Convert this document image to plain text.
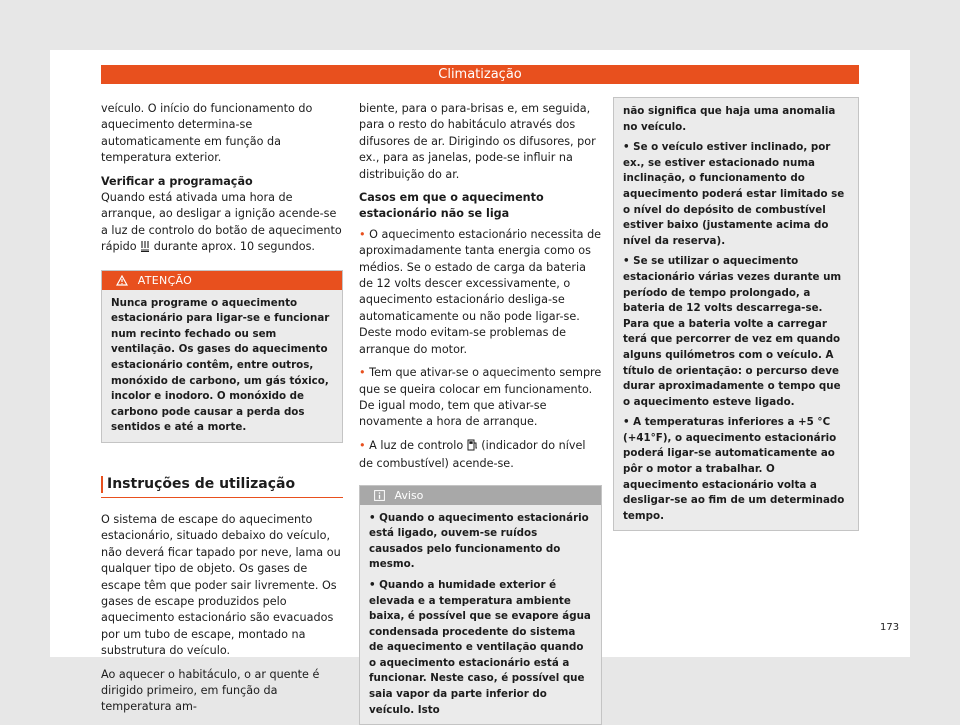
Climatização

veículo. O início do funcionamento do aquecimento determina-se automaticamente em função da temperatura exterior.

Verificar a programação

Quando está ativada uma hora de arranque, ao desligar a ignição acende-se a luz de controlo do botão de aquecimento rápido  durante aprox. 10 segundos.

ATENÇÃO
Nunca programe o aquecimento estacionário para ligar-se e funcionar num recinto fechado ou sem ventilação. Os gases do aquecimento estacionário contêm, entre outros, monóxido de carbono, um gás tóxico, incolor e inodoro. O monóxido de carbono pode causar a perda dos sentidos e até a morte.
Instruções de utilização

O sistema de escape do aquecimento estacionário, situado debaixo do veículo, não deverá ficar tapado por neve, lama ou qualquer tipo de objeto. Os gases de escape têm que poder sair livremente. Os gases de escape produzidos pelo aquecimento estacionário são evacuados por um tubo de escape, montado na substrutura do veículo.

Ao aquecer o habitáculo, o ar quente é dirigido primeiro, em função da temperatura am-

biente, para o para-brisas e, em seguida, para o resto do habitáculo através dos difusores de ar. Dirigindo os difusores, por ex., para as janelas, pode-se influir na distribuição do ar.

Casos em que o aquecimento estacionário não se liga

• O aquecimento estacionário necessita de aproximadamente tanta energia como os médios. Se o estado de carga da bateria de 12 volts descer excessivamente, o aquecimento estacionário desliga-se automaticamente ou não pode ligar-se. Deste modo evitam-se problemas de arranque do motor.

• Tem que ativar-se o aquecimento sempre que se queira colocar em funcionamento. De igual modo, tem que ativar-se novamente a hora de arranque.

• A luz de controlo  (indicador do nível de combustível) acende-se.

Aviso

• Quando o aquecimento estacionário está ligado, ouvem-se ruídos causados pelo funcionamento do mesmo.

• Quando a humidade exterior é elevada e a temperatura ambiente baixa, é possível que se evapore água condensada procedente do sistema de aquecimento e ventilação quando o aquecimento estacionário está a funcionar. Neste caso, é possível que saia vapor da parte inferior do veículo. Isto

não significa que haja uma anomalia no veículo.

• Se o veículo estiver inclinado, por ex., se estiver estacionado numa inclinação, o funcionamento do aquecimento poderá estar limitado se o nível do depósito de combustível estiver baixo (justamente acima do nível da reserva).

• Se se utilizar o aquecimento estacionário várias vezes durante um período de tempo prolongado, a bateria de 12 volts descarrega-se. Para que a bateria volte a carregar terá que percorrer de vez em quando alguns quilómetros com o veículo. A título de orientação: o percurso deve durar aproximadamente o tempo que o aquecimento esteve ligado.

• A temperaturas inferiores a +5 °C (+41°F), o aquecimento estacionário poderá ligar-se automaticamente ao pôr o motor a trabalhar. O aquecimento estacionário volta a desligar-se ao fim de um determinado tempo.

173
